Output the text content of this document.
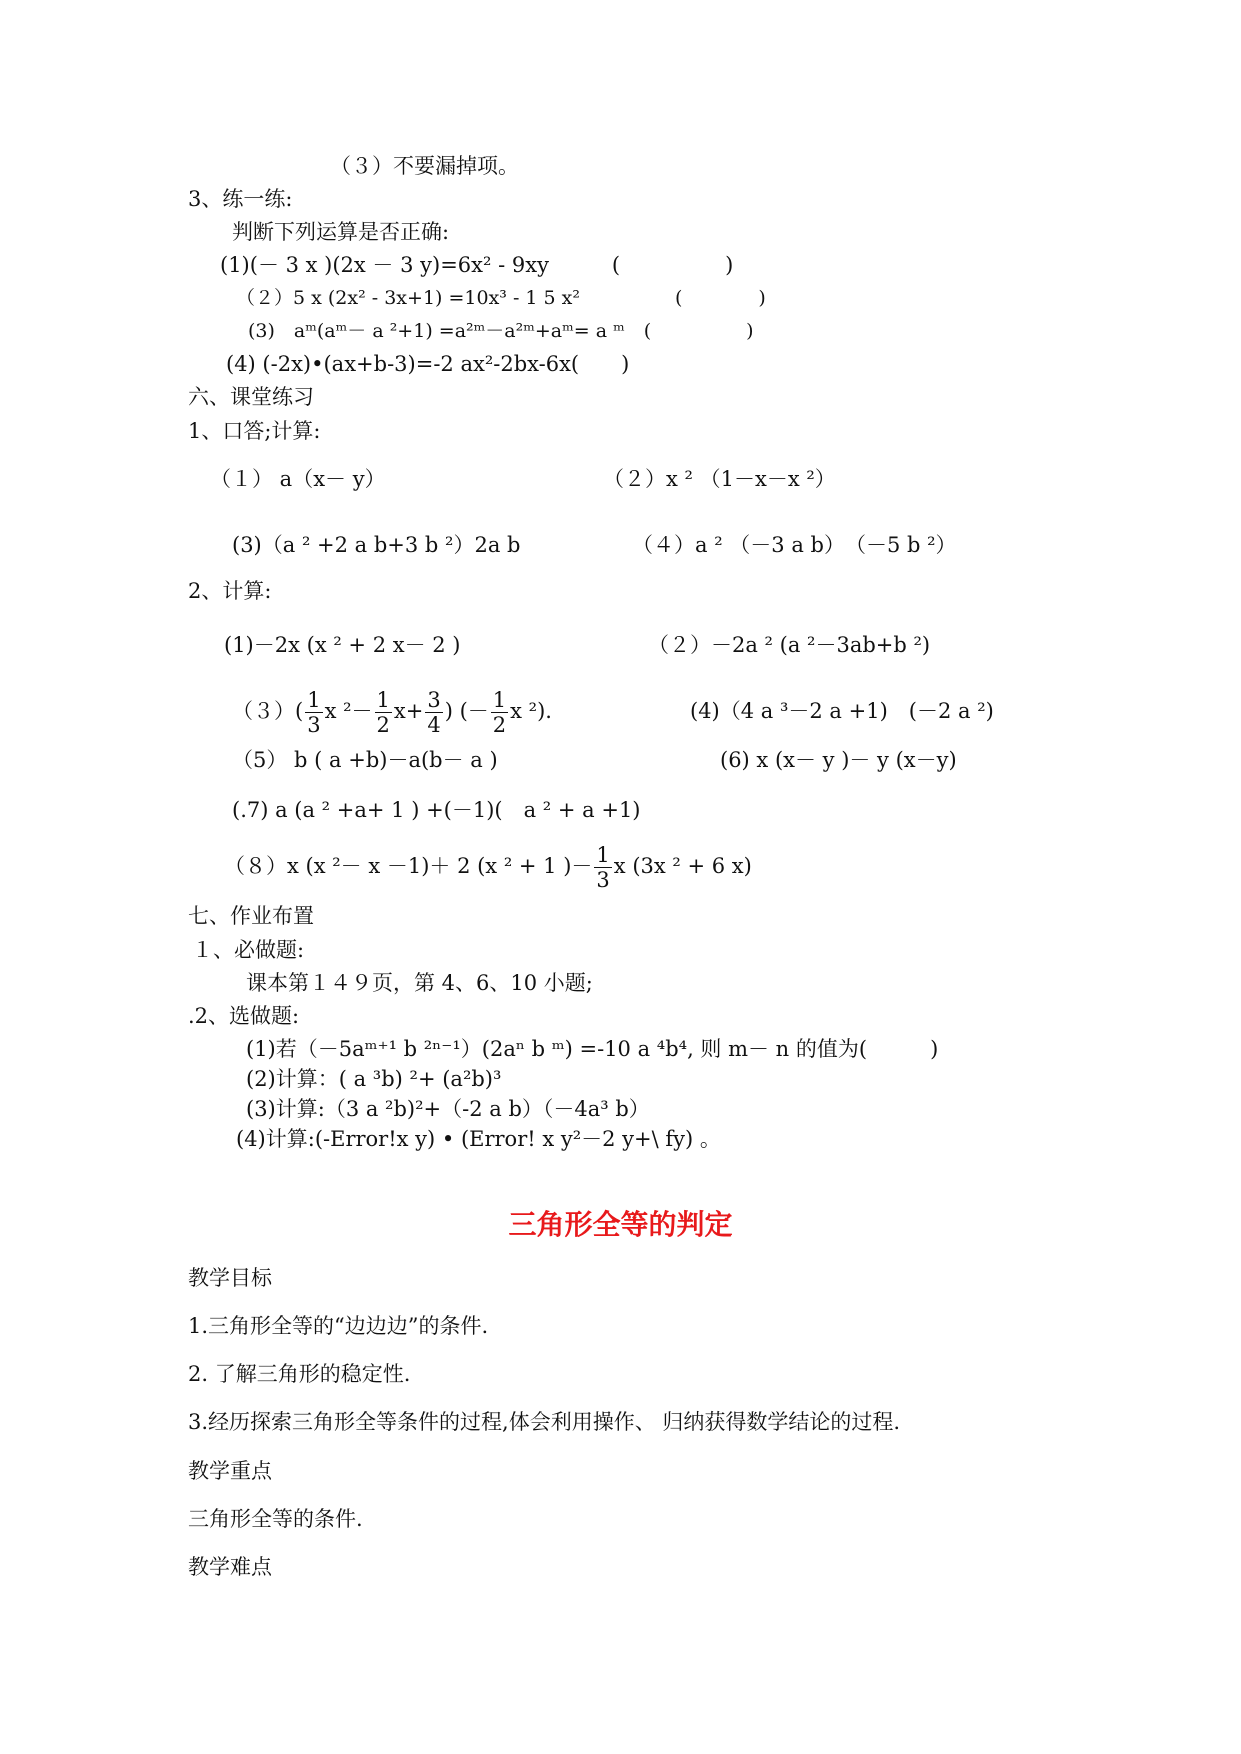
（３）不要漏掉项。
3、练一练:
判断下列运算是否正确:
(1)(－ 3 x )(2x － 3 y)=6x² - 9xy　　　(　　　　　)
（２）5 x (2x² - 3x+1) =10x³ - 1 5 x²　　　　　(　　　　)
(3)　aᵐ(aᵐ－ a ²+1) =a²ᵐ－a²ᵐ+aᵐ= a ᵐ　(　　　　　)
(4) (-2x)•(ax+b-3)=-2 ax²-2bx-6x(　　)
六、课堂练习
1、口答;计算:
（１） a（x－ y）	（２）x ² （1－x－x ²）
(3)（a ² +2 a b+3 b ²）2a b	（４）a ² （－3 a b）　（－5 b ²）
2、计算:
(1)－2x (x ² + 2 x－ 2 )	（２）－2a ² (a ²－3ab+b ²)
$(3)( \frac{1}{3}$ x $^2- \frac{1}{2} x+ \frac{3}{4}$ ) (－ $\frac{1}{2}$ x ²).	(4)（4 a ³－2 a +1)　(－2 a ²)
（5） b ( a +b)－a(b－ a )	(6) x (x－ y )－ y (x－y)
(.7) a (a ² +a+ 1 ) +(－1)(　a ² + a +1)
（８）x (x ²－ x －1)＋ 2 (x ² + 1 )－ $\frac{1}{3}$ x (3x ² + 6 x)
七、作业布置
１、必做题:
课本第１４９页，第 4、6、10 小题;
.2、选做题:
(1)若（－5aᵐ⁺¹ b ²ⁿ⁻¹）(2aⁿ b ᵐ) =-10 a ⁴b⁴, 则 m－ n 的值为(　　　)
(2)计算：( a ³b) ²+ (a²b)³
(3)计算:（3 a ²b)²+（-2 a b）（－4a³ b）
(4)计算:(-Error!x y) • (Error! x y²－2 y+\ fy) 。
三角形全等的判定
教学目标
1.三角形全等的“边边边”的条件.
2. 了解三角形的稳定性.
3.经历探索三角形全等条件的过程,体会利用操作、 归纳获得数学结论的过程.
教学重点
三角形全等的条件.
教学难点
